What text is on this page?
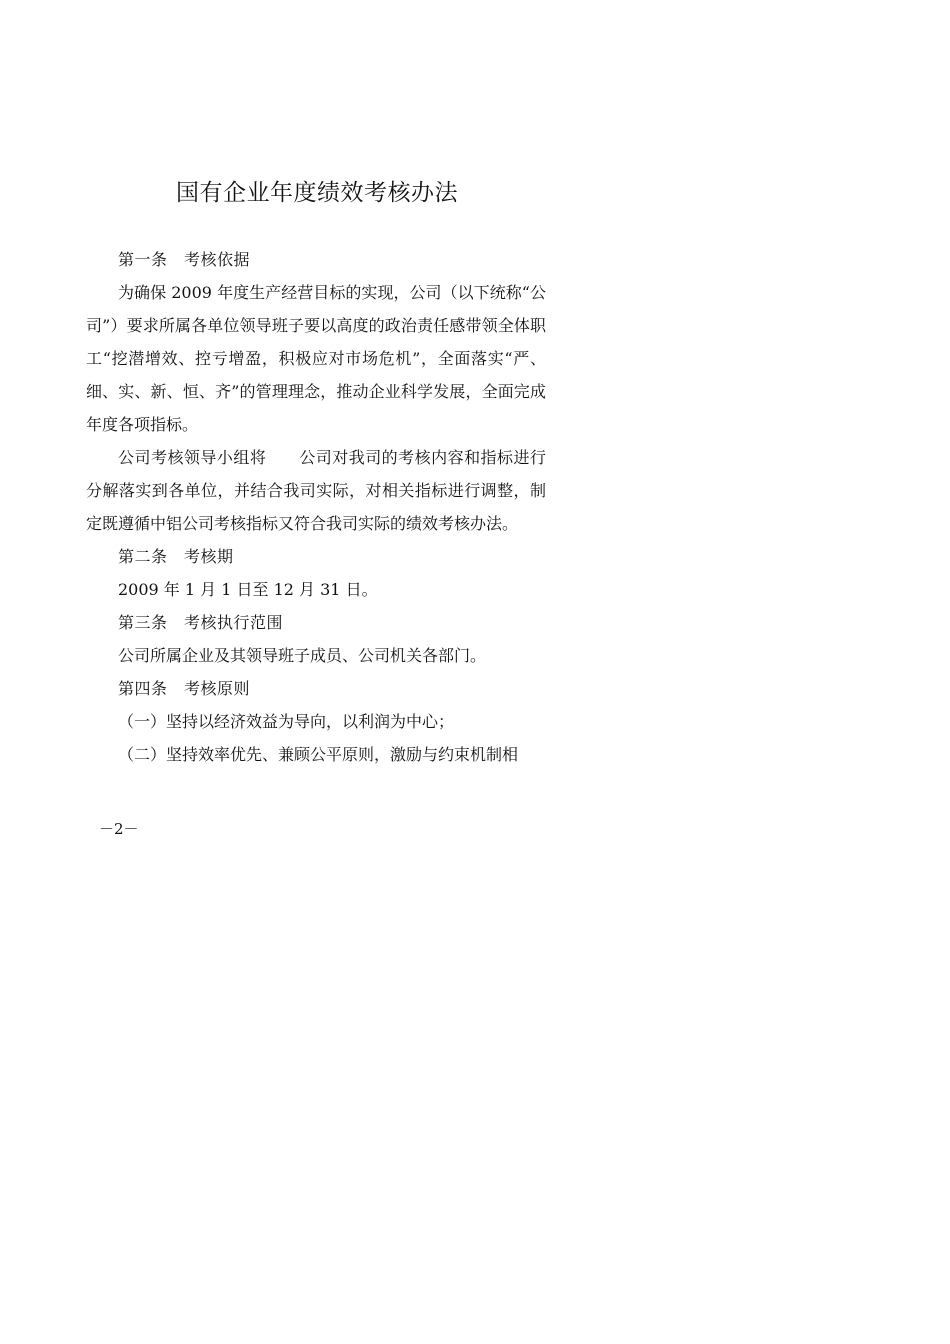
国有企业年度绩效考核办法

第一条　考核依据

为确保 2009 年度生产经营目标的实现，公司（以下统称“公司”）要求所属各单位领导班子要以高度的政治责任感带领全体职工“挖潜增效、控亏增盈，积极应对市场危机”，全面落实“严、细、实、新、恒、齐”的管理理念，推动企业科学发展，全面完成年度各项指标。

公司考核领导小组将　　公司对我司的考核内容和指标进行分解落实到各单位，并结合我司实际，对相关指标进行调整，制定既遵循中铝公司考核指标又符合我司实际的绩效考核办法。

第二条　考核期

2009 年 1 月 1 日至 12 月 31 日。

第三条　考核执行范围

公司所属企业及其领导班子成员、公司机关各部门。

第四条　考核原则

（一）坚持以经济效益为导向，以利润为中心；

（二）坚持效率优先、兼顾公平原则，激励与约束机制相

－2－
